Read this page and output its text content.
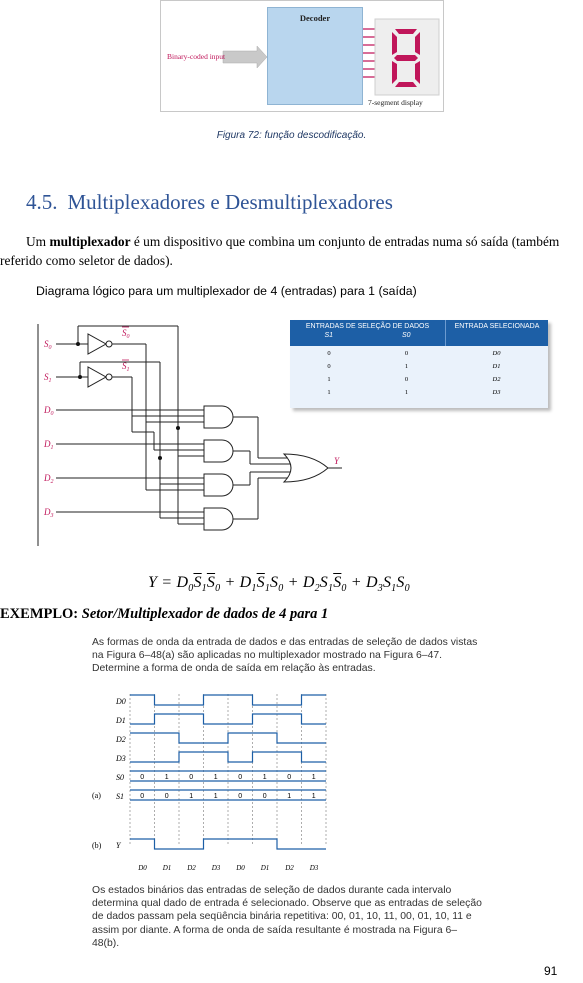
Decoder
Binary-coded input
7-segment display
Figura 72: função descodificação.
4.5. Multiplexadores e Desmultiplexadores
Um multiplexador é um dispositivo que combina um conjunto de entradas numa só saída (também referido como seletor de dados).
Diagrama lógico para um multiplexador de 4 (entradas) para 1 (saída)
$S_0$
$S_1$
$D_0$
$D_1$
$D_2$
$D_3$
$S_0$
$S_1$
Y
ENTRADAS DE SELEÇÃO DE DADOS
S1	S0
ENTRADA SELECIONADA
0	0	D0
0	1	D1
1	0	D2
1	1	D3
$Y = D_0\overline{S}_1\overline{S}_0 + D_1\overline{S}_1S_0 + D_2S_1\overline{S}_0 + D_3S_1S_0$
EXEMPLO: Setor/Multiplexador de dados de 4 para 1
As formas de onda da entrada de dados e das entradas de seleção de dados vistas na Figura 6–48(a) são aplicadas no multiplexador mostrado na Figura 6–47. Determine a forma de onda de saída em relação às entradas.
D0
D1
D2
D3
S0 0	1	0	1	0	1	0	1
S1 0	0	1	1	0	0	1	1
(a)
(b) Y
D0 D1 D2 D3 D0 D1 D2 D3
Os estados binários das entradas de seleção de dados durante cada intervalo determina qual dado de entrada é selecionado. Observe que as entradas de seleção de dados passam pela seqüência binária repetitiva: 00, 01, 10, 11, 00, 01, 10, 11 e assim por diante. A forma de onda de saída resultante é mostrada na Figura 6–48(b).
91
